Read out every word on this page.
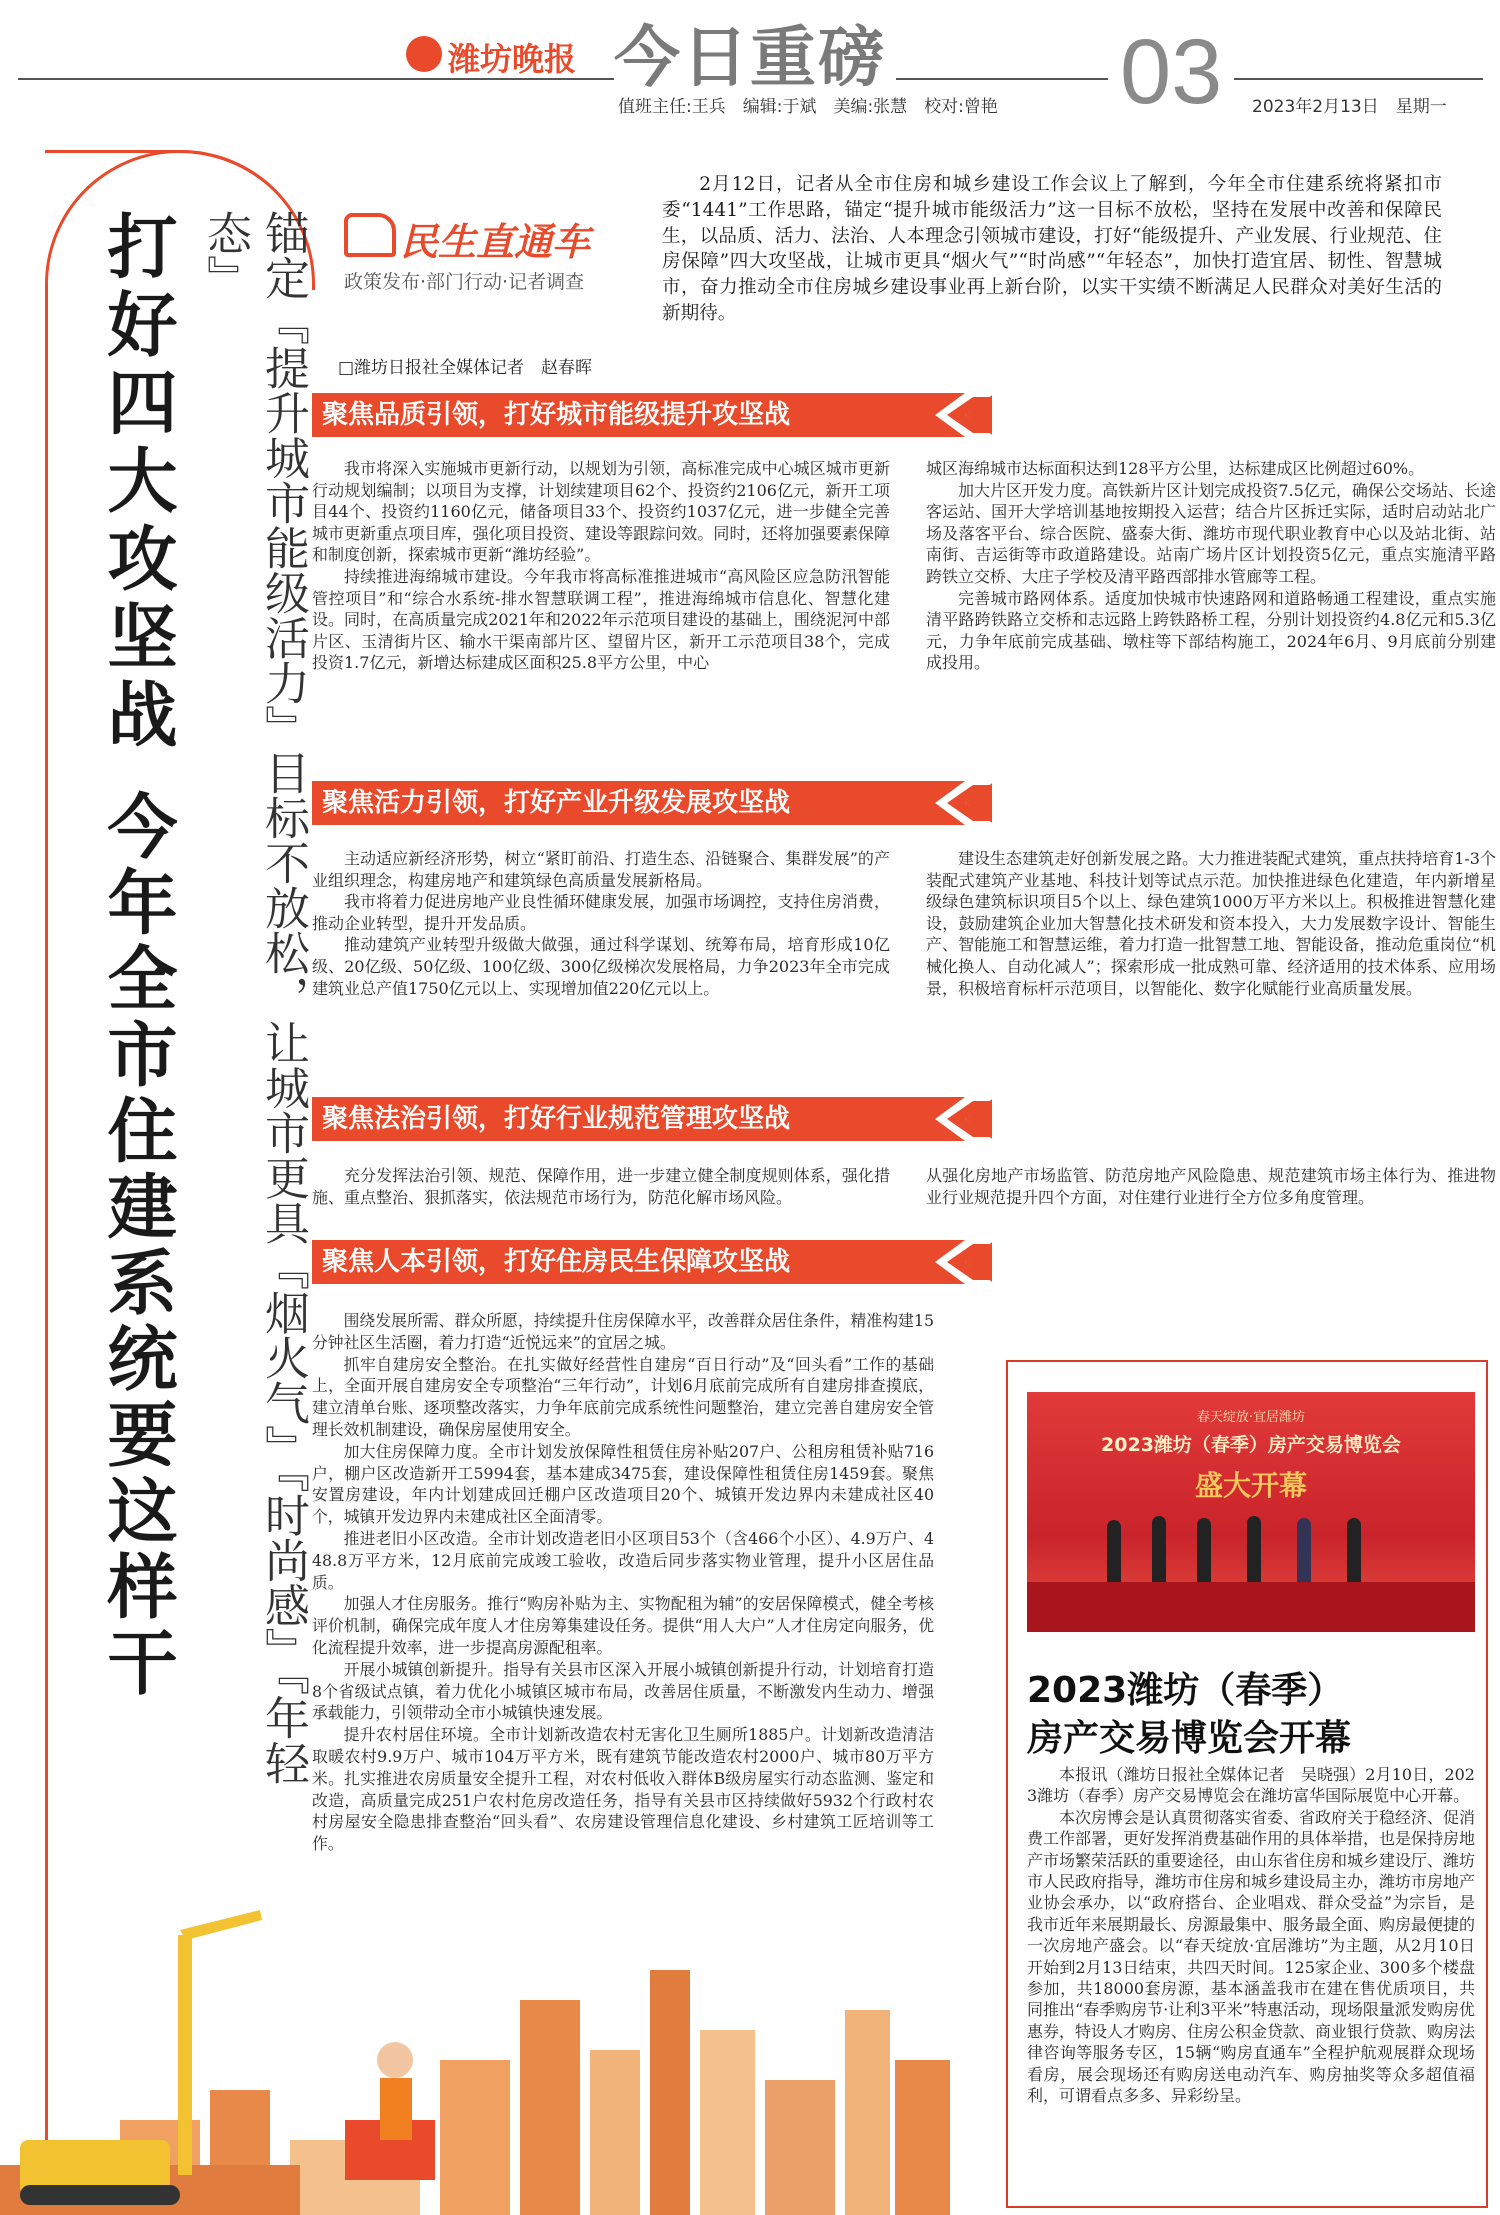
潍坊晚报 今日重磅	03
值班主任:王兵　编辑:于斌　美编:张慧　校对:曾艳	2023年2月13日　星期一
打好四大攻坚战
今年全市住建系统要这样干	锚定『提升城市能级活力』目标不放松，让城市更具『烟火气』『时尚感』『年轻态』	民生直通车
政策发布·部门行动·记者调查
□潍坊日报社全媒体记者　赵春晖
2月12日，记者从全市住房和城乡建设工作会议上了解到，今年全市住建系统将紧扣市委“1441”工作思路，锚定“提升城市能级活力”这一目标不放松，坚持在发展中改善和保障民生，以品质、活力、法治、人本理念引领城市建设，打好“能级提升、产业发展、行业规范、住房保障”四大攻坚战，让城市更具“烟火气”“时尚感”“年轻态”，加快打造宜居、韧性、智慧城市，奋力推动全市住房城乡建设事业再上新台阶，以实干实绩不断满足人民群众对美好生活的新期待。
聚焦品质引领，打好城市能级提升攻坚战

我市将深入实施城市更新行动，以规划为引领，高标准完成中心城区城市更新行动规划编制；以项目为支撑，计划续建项目62个、投资约2106亿元，新开工项目44个、投资约1160亿元，储备项目33个、投资约1037亿元，进一步健全完善城市更新重点项目库，强化项目投资、建设等跟踪问效。同时，还将加强要素保障和制度创新，探索城市更新“潍坊经验”。

持续推进海绵城市建设。今年我市将高标准推进城市“高风险区应急防汛智能管控项目”和“综合水系统-排水智慧联调工程”，推进海绵城市信息化、智慧化建设。同时，在高质量完成2021年和2022年示范项目建设的基础上，围绕泥河中部片区、玉清街片区、输水干渠南部片区、望留片区，新开工示范项目38个，完成投资1.7亿元，新增达标建成区面积25.8平方公里，中心

城区海绵城市达标面积达到128平方公里，达标建成区比例超过60%。

加大片区开发力度。高铁新片区计划完成投资7.5亿元，确保公交场站、长途客运站、国开大学培训基地按期投入运营；结合片区拆迁实际，适时启动站北广场及落客平台、综合医院、盛泰大街、潍坊市现代职业教育中心以及站北街、站南街、吉运街等市政道路建设。站南广场片区计划投资5亿元，重点实施清平路跨铁立交桥、大庄子学校及清平路西部排水管廊等工程。

完善城市路网体系。适度加快城市快速路网和道路畅通工程建设，重点实施清平路跨铁路立交桥和志远路上跨铁路桥工程，分别计划投资约4.8亿元和5.3亿元，力争年底前完成基础、墩柱等下部结构施工，2024年6月、9月底前分别建成投用。

聚焦活力引领，打好产业升级发展攻坚战

主动适应新经济形势，树立“紧盯前沿、打造生态、沿链聚合、集群发展”的产业组织理念，构建房地产和建筑绿色高质量发展新格局。

我市将着力促进房地产业良性循环健康发展，加强市场调控，支持住房消费，推动企业转型，提升开发品质。

推动建筑产业转型升级做大做强，通过科学谋划、统筹布局，培育形成10亿级、20亿级、50亿级、100亿级、300亿级梯次发展格局，力争2023年全市完成建筑业总产值1750亿元以上、实现增加值220亿元以上。

建设生态建筑走好创新发展之路。大力推进装配式建筑，重点扶持培育1-3个装配式建筑产业基地、科技计划等试点示范。加快推进绿色化建造，年内新增星级绿色建筑标识项目5个以上、绿色建筑1000万平方米以上。积极推进智慧化建设，鼓励建筑企业加大智慧化技术研发和资本投入，大力发展数字设计、智能生产、智能施工和智慧运维，着力打造一批智慧工地、智能设备，推动危重岗位“机械化换人、自动化减人”；探索形成一批成熟可靠、经济适用的技术体系、应用场景，积极培育标杆示范项目，以智能化、数字化赋能行业高质量发展。

聚焦法治引领，打好行业规范管理攻坚战

充分发挥法治引领、规范、保障作用，进一步建立健全制度规则体系，强化措施、重点整治、狠抓落实，依法规范市场行为，防范化解市场风险。

从强化房地产市场监管、防范房地产风险隐患、规范建筑市场主体行为、推进物业行业规范提升四个方面，对住建行业进行全方位多角度管理。

聚焦人本引领，打好住房民生保障攻坚战

围绕发展所需、群众所愿，持续提升住房保障水平，改善群众居住条件，精准构建15分钟社区生活圈，着力打造“近悦远来”的宜居之城。

抓牢自建房安全整治。在扎实做好经营性自建房“百日行动”及“回头看”工作的基础上，全面开展自建房安全专项整治“三年行动”，计划6月底前完成所有自建房排查摸底，建立清单台账、逐项整改落实，力争年底前完成系统性问题整治，建立完善自建房安全管理长效机制建设，确保房屋使用安全。

加大住房保障力度。全市计划发放保障性租赁住房补贴207户、公租房租赁补贴716户，棚户区改造新开工5994套，基本建成3475套，建设保障性租赁住房1459套。聚焦安置房建设，年内计划建成回迁棚户区改造项目20个、城镇开发边界内未建成社区40个，城镇开发边界内未建成社区全面清零。

推进老旧小区改造。全市计划改造老旧小区项目53个（含466个小区）、4.9万户、448.8万平方米，12月底前完成竣工验收，改造后同步落实物业管理，提升小区居住品质。

加强人才住房服务。推行“购房补贴为主、实物配租为辅”的安居保障模式，健全考核评价机制，确保完成年度人才住房筹集建设任务。提供“用人大户”人才住房定向服务，优化流程提升效率，进一步提高房源配租率。

开展小城镇创新提升。指导有关县市区深入开展小城镇创新提升行动，计划培育打造8个省级试点镇，着力优化小城镇区城市布局，改善居住质量，不断激发内生动力、增强承载能力，引领带动全市小城镇快速发展。

提升农村居住环境。全市计划新改造农村无害化卫生厕所1885户。计划新改造清洁取暖农村9.9万户、城市104万平方米，既有建筑节能改造农村2000户、城市80万平方米。扎实推进农房质量安全提升工程，对农村低收入群体B级房屋实行动态监测、鉴定和改造，高质量完成251户农村危房改造任务，指导有关县市区持续做好5932个行政村农村房屋安全隐患排查整治“回头看”、农房建设管理信息化建设、乡村建筑工匠培训等工作。

春天绽放·宜居潍坊
2023潍坊（春季）房产交易博览会
盛大开幕
2023潍坊（春季）
房产交易博览会开幕

本报讯（潍坊日报社全媒体记者　吴晓强）2月10日，2023潍坊（春季）房产交易博览会在潍坊富华国际展览中心开幕。

本次房博会是认真贯彻落实省委、省政府关于稳经济、促消费工作部署，更好发挥消费基础作用的具体举措，也是保持房地产市场繁荣活跃的重要途径，由山东省住房和城乡建设厅、潍坊市人民政府指导，潍坊市住房和城乡建设局主办，潍坊市房地产业协会承办，以“政府搭台、企业唱戏、群众受益”为宗旨，是我市近年来展期最长、房源最集中、服务最全面、购房最便捷的一次房地产盛会。以“春天绽放·宜居潍坊”为主题，从2月10日开始到2月13日结束，共四天时间。125家企业、300多个楼盘参加，共18000套房源，基本涵盖我市在建在售优质项目，共同推出“春季购房节·让利3平米”特惠活动，现场限量派发购房优惠券，特设人才购房、住房公积金贷款、商业银行贷款、购房法律咨询等服务专区，15辆“购房直通车”全程护航观展群众现场看房，展会现场还有购房送电动汽车、购房抽奖等众多超值福利，可谓看点多多、异彩纷呈。
